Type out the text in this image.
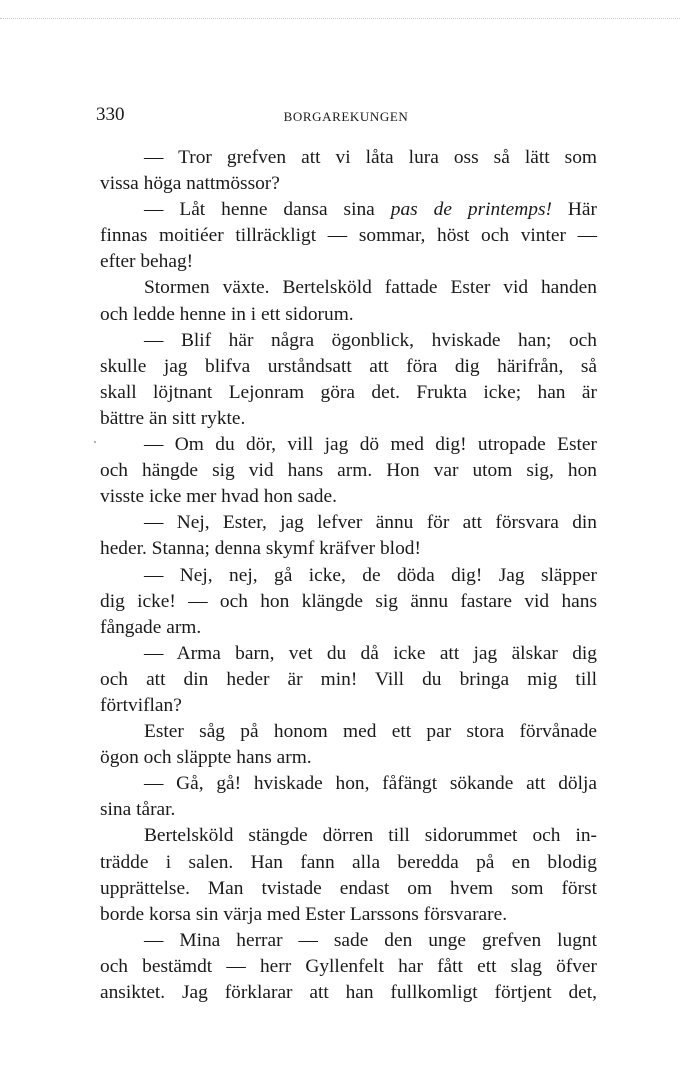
330	BORGAREKUNGEN
— Tror grefven att vi låta lura oss så lätt som
vissa höga nattmössor?
— Låt henne dansa sina pas de printemps! Här
finnas moitiéer tillräckligt — sommar, höst och vinter —
efter behag!
Stormen växte. Bertelsköld fattade Ester vid handen
och ledde henne in i ett sidorum.
— Blif här några ögonblick, hviskade han; och
skulle jag blifva urståndsatt att föra dig härifrån, så
skall löjtnant Lejonram göra det. Frukta icke; han är
bättre än sitt rykte.
— Om du dör, vill jag dö med dig! utropade Ester
och hängde sig vid hans arm. Hon var utom sig, hon
visste icke mer hvad hon sade.
— Nej, Ester, jag lefver ännu för att försvara din
heder. Stanna; denna skymf kräfver blod!
— Nej, nej, gå icke, de döda dig! Jag släpper
dig icke! — och hon klängde sig ännu fastare vid hans
fångade arm.
— Arma barn, vet du då icke att jag älskar dig
och att din heder är min! Vill du bringa mig till
förtviflan?
Ester såg på honom med ett par stora förvånade
ögon och släppte hans arm.
— Gå, gå! hviskade hon, fåfängt sökande att dölja
sina tårar.
Bertelsköld stängde dörren till sidorummet och in-
trädde i salen. Han fann alla beredda på en blodig
upprättelse. Man tvistade endast om hvem som först
borde korsa sin värja med Ester Larssons försvarare.
— Mina herrar — sade den unge grefven lugnt
och bestämdt — herr Gyllenfelt har fått ett slag öfver
ansiktet. Jag förklarar att han fullkomligt förtjent det,
